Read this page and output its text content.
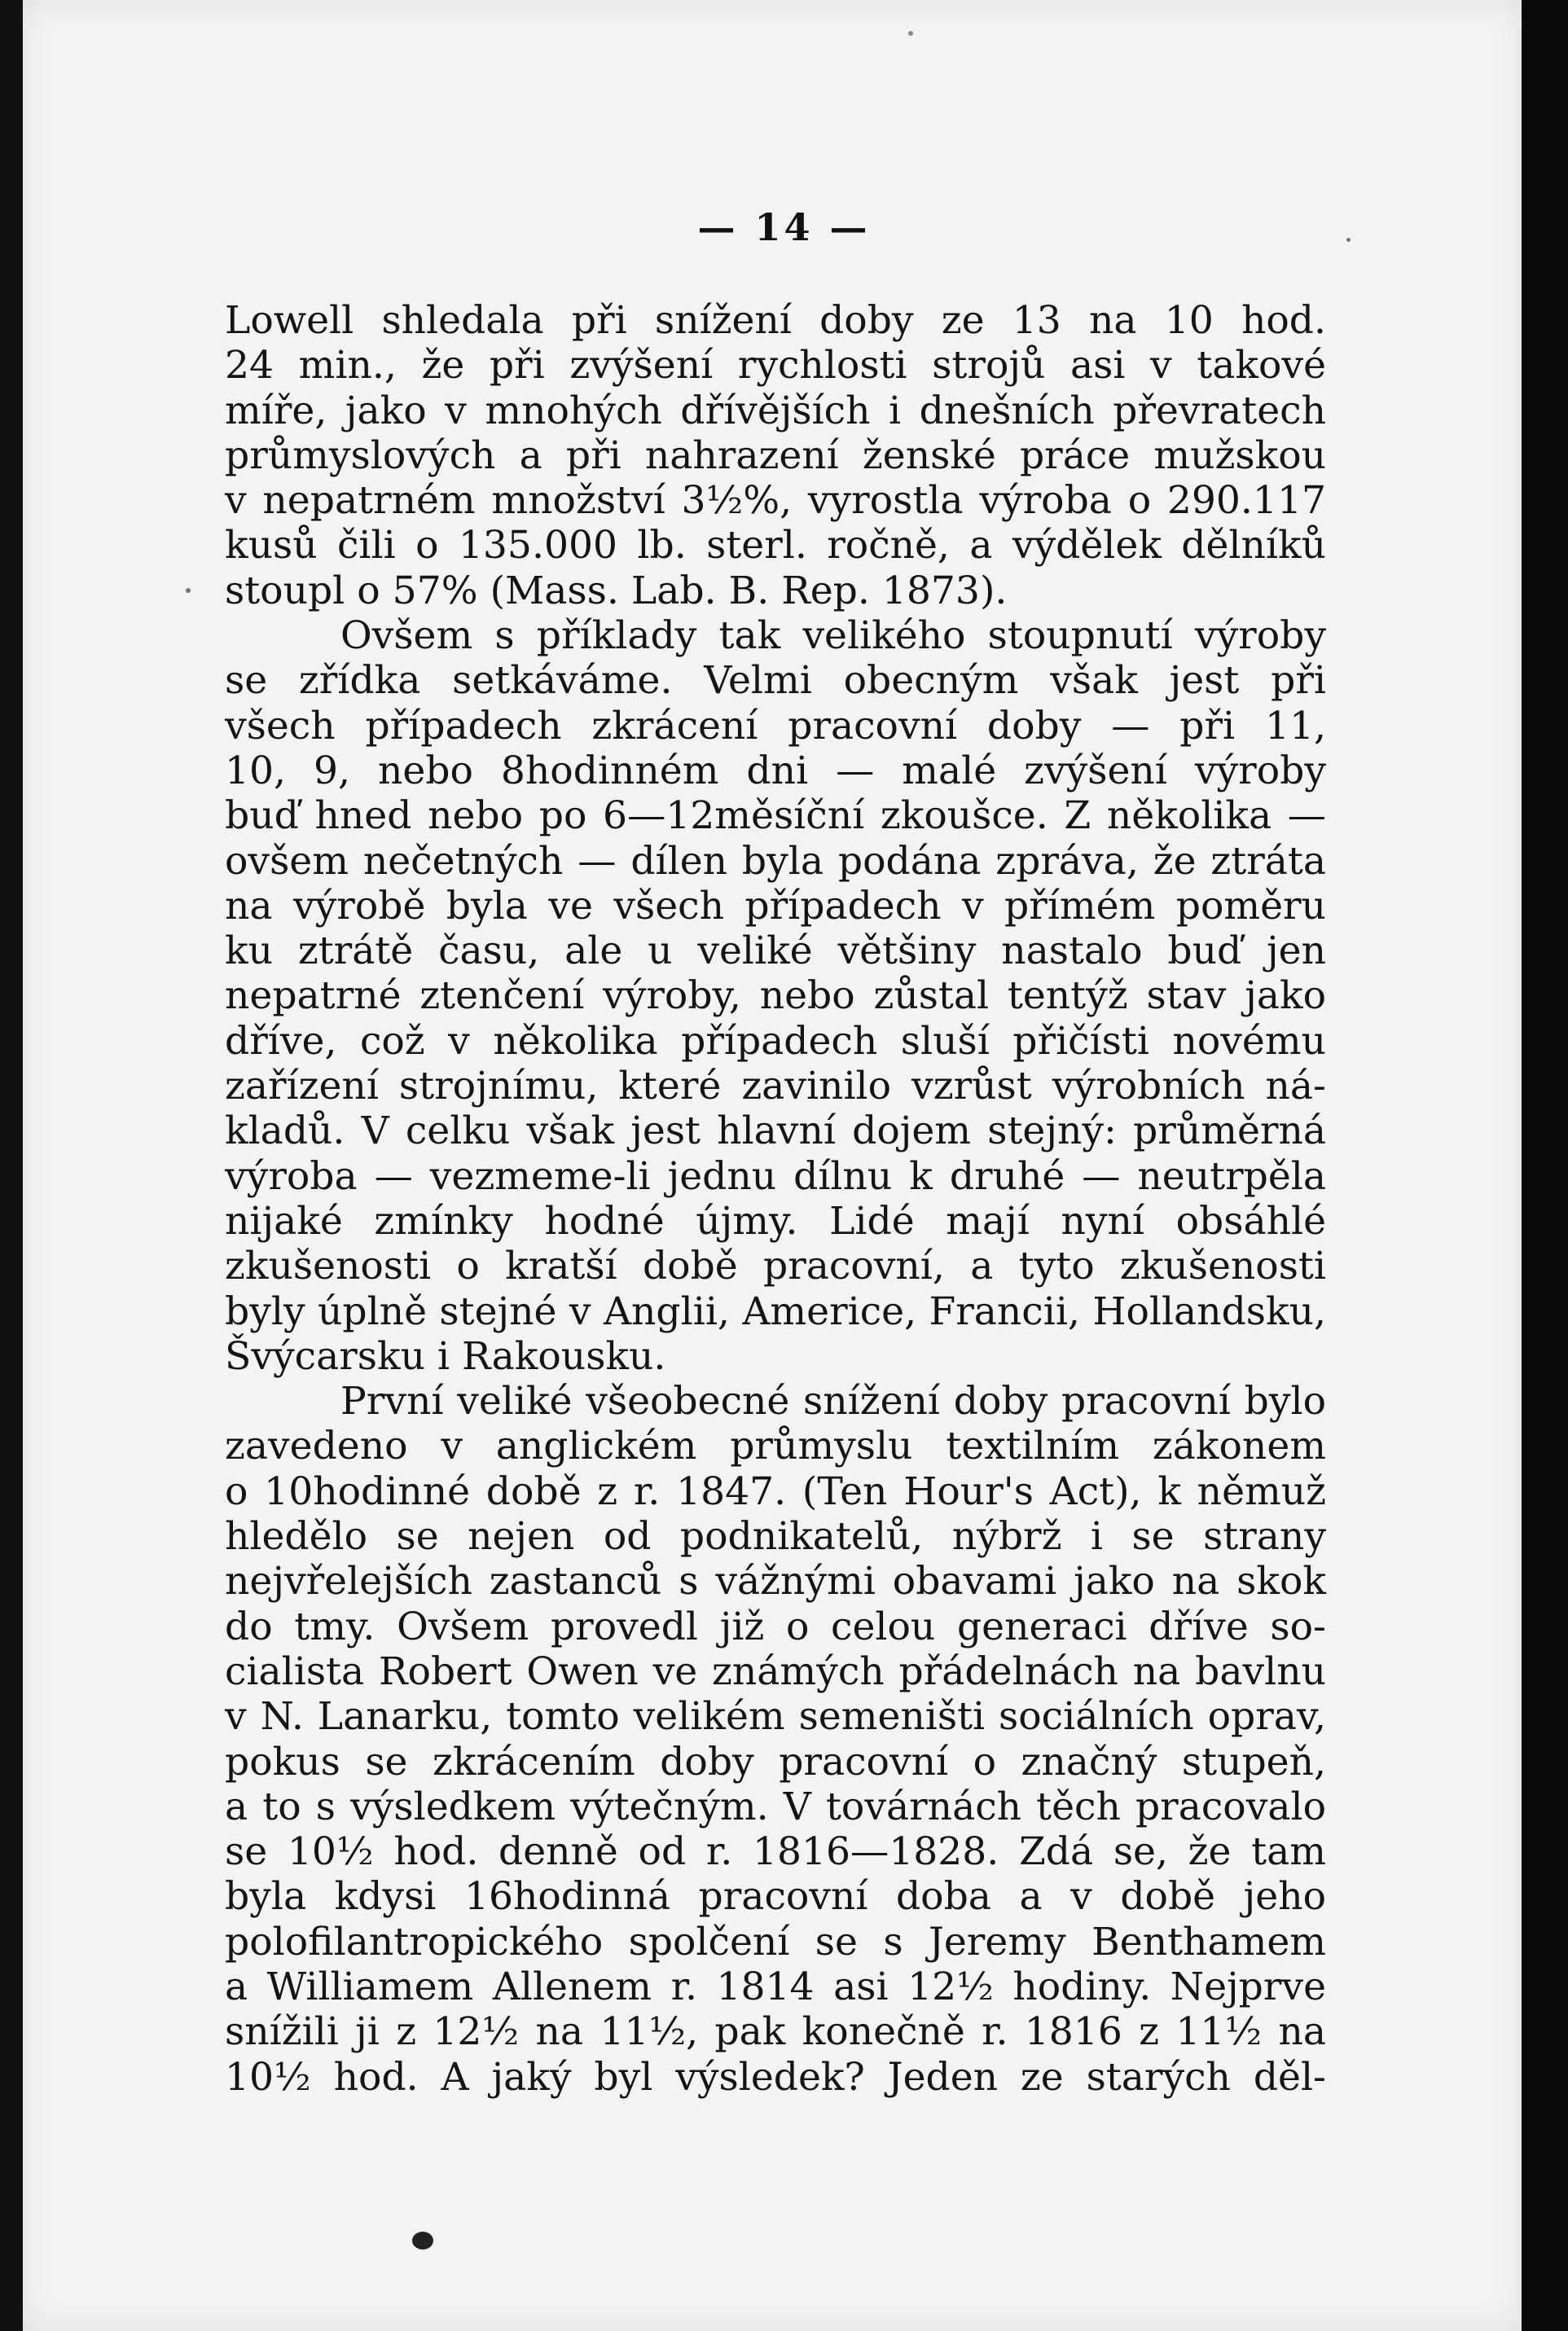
— 14 —
Lowell shledala při snížení doby ze 13 na 10 hod.
24 min., že při zvýšení rychlosti strojů asi v takové
míře, jako v mnohých dřívějších i dnešních převratech
průmyslových a při nahrazení ženské práce mužskou
v nepatrném množství 3½%, vyrostla výroba o 290.117
kusů čili o 135.000 lb. sterl. ročně, a výdělek dělníků
stoupl o 57% (Mass. Lab. B. Rep. 1873).
Ovšem s příklady tak velikého stoupnutí výroby
se zřídka setkáváme. Velmi obecným však jest při
všech případech zkrácení pracovní doby — při 11,
10, 9, nebo 8hodinném dni — malé zvýšení výroby
buď hned nebo po 6—12měsíční zkoušce. Z několika —
ovšem nečetných — dílen byla podána zpráva, že ztráta
na výrobě byla ve všech případech v přímém poměru
ku ztrátě času, ale u veliké většiny nastalo buď jen
nepatrné ztenčení výroby, nebo zůstal tentýž stav jako
dříve, což v několika případech sluší přičísti novému
zařízení strojnímu, které zavinilo vzrůst výrobních ná-
kladů. V celku však jest hlavní dojem stejný: průměrná
výroba — vezmeme-li jednu dílnu k druhé — neutrpěla
nijaké zmínky hodné újmy. Lidé mají nyní obsáhlé
zkušenosti o kratší době pracovní, a tyto zkušenosti
byly úplně stejné v Anglii, Americe, Francii, Hollandsku,
Švýcarsku i Rakousku.
První veliké všeobecné snížení doby pracovní bylo
zavedeno v anglickém průmyslu textilním zákonem
o 10hodinné době z r. 1847. (Ten Hour's Act), k němuž
hledělo se nejen od podnikatelů, nýbrž i se strany
nejvřelejších zastanců s vážnými obavami jako na skok
do tmy. Ovšem provedl již o celou generaci dříve so-
cialista Robert Owen ve známých přádelnách na bavlnu
v N. Lanarku, tomto velikém semeništi sociálních oprav,
pokus se zkrácením doby pracovní o značný stupeň,
a to s výsledkem výtečným. V továrnách těch pracovalo
se 10½ hod. denně od r. 1816—1828. Zdá se, že tam
byla kdysi 16hodinná pracovní doba a v době jeho
polofilantropického spolčení se s Jeremy Benthamem
a Williamem Allenem r. 1814 asi 12½ hodiny. Nejprve
snížili ji z 12½ na 11½, pak konečně r. 1816 z 11½ na
10½ hod. A jaký byl výsledek? Jeden ze starých děl-
